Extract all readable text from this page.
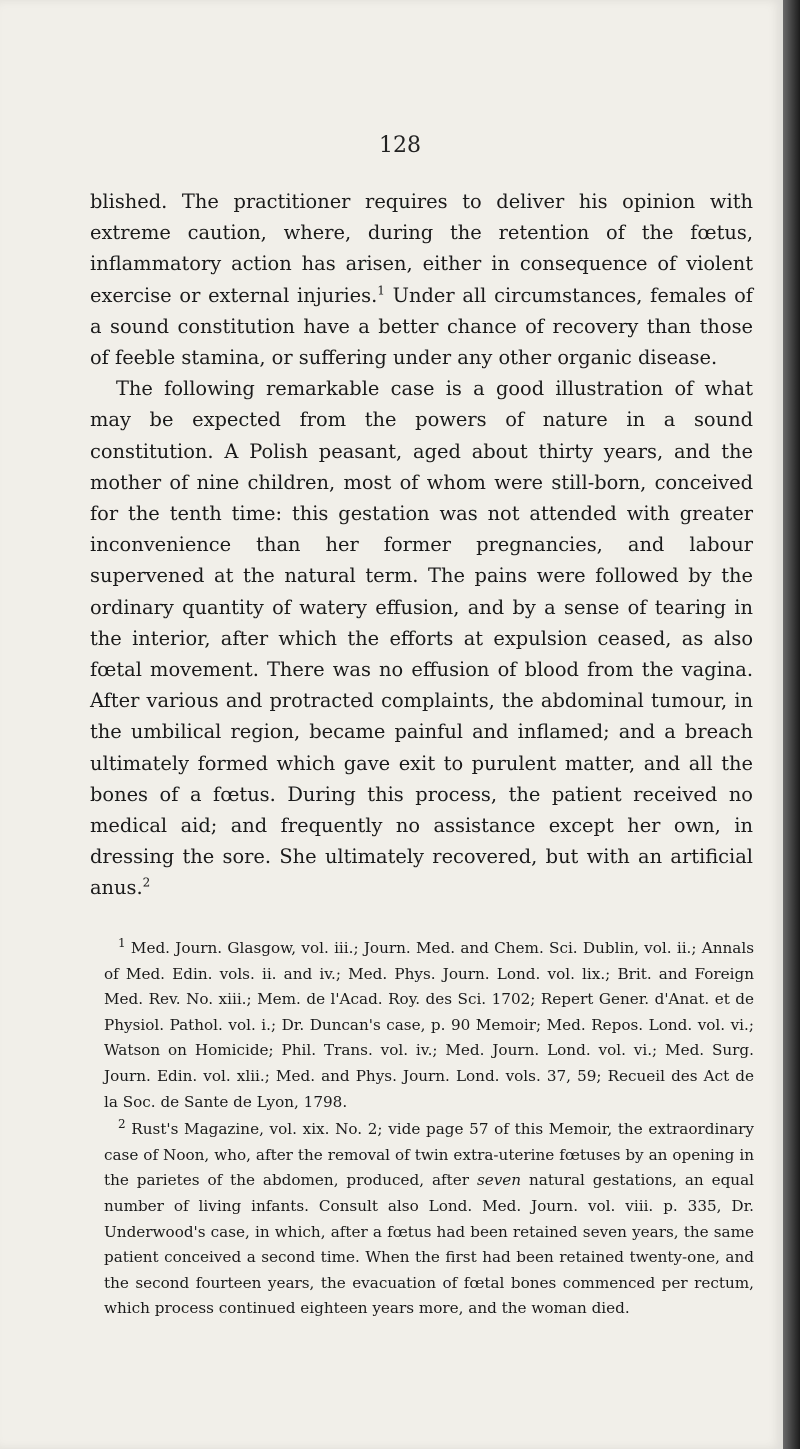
128

blished. The practitioner requires to deliver his opinion with extreme caution, where, during the retention of the fœtus, inflammatory action has arisen, either in consequence of violent exercise or external injuries.$^1$ Under all circumstances, females of a sound constitution have a better chance of recovery than those of feeble stamina, or suffering under any other organic disease.

The following remarkable case is a good illustration of what may be expected from the powers of nature in a sound constitution. A Polish peasant, aged about thirty years, and the mother of nine children, most of whom were still-born, conceived for the tenth time: this gestation was not attended with greater inconvenience than her former pregnancies, and labour supervened at the natural term. The pains were followed by the ordinary quantity of watery effusion, and by a sense of tearing in the interior, after which the efforts at expulsion ceased, as also fœtal movement. There was no effusion of blood from the vagina. After various and protracted complaints, the abdominal tumour, in the umbilical region, became painful and inflamed; and a breach ultimately formed which gave exit to purulent matter, and all the bones of a fœtus. During this process, the patient received no medical aid; and frequently no assistance except her own, in dressing the sore. She ultimately recovered, but with an artificial anus.$^2$

$^1$ Med. Journ. Glasgow, vol. iii.; Journ. Med. and Chem. Sci. Dublin, vol. ii.; Annals of Med. Edin. vols. ii. and iv.; Med. Phys. Journ. Lond. vol. lix.; Brit. and Foreign Med. Rev. No. xiii.; Mem. de l'Acad. Roy. des Sci. 1702; Repert Gener. d'Anat. et de Physiol. Pathol. vol. i.; Dr. Duncan's case, p. 90 Memoir; Med. Repos. Lond. vol. vi.; Watson on Homicide; Phil. Trans. vol. iv.; Med. Journ. Lond. vol. vi.; Med. Surg. Journ. Edin. vol. xlii.; Med. and Phys. Journ. Lond. vols. 37, 59; Recueil des Act de la Soc. de Sante de Lyon, 1798.

$^2$ Rust's Magazine, vol. xix. No. 2; vide page 57 of this Memoir, the extraordinary case of Noon, who, after the removal of twin extra-uterine fœtuses by an opening in the parietes of the abdomen, produced, after seven natural gestations, an equal number of living infants. Consult also Lond. Med. Journ. vol. viii. p. 335, Dr. Underwood's case, in which, after a fœtus had been retained seven years, the same patient conceived a second time. When the first had been retained twenty-one, and the second fourteen years, the evacuation of fœtal bones commenced per rectum, which process continued eighteen years more, and the woman died.
